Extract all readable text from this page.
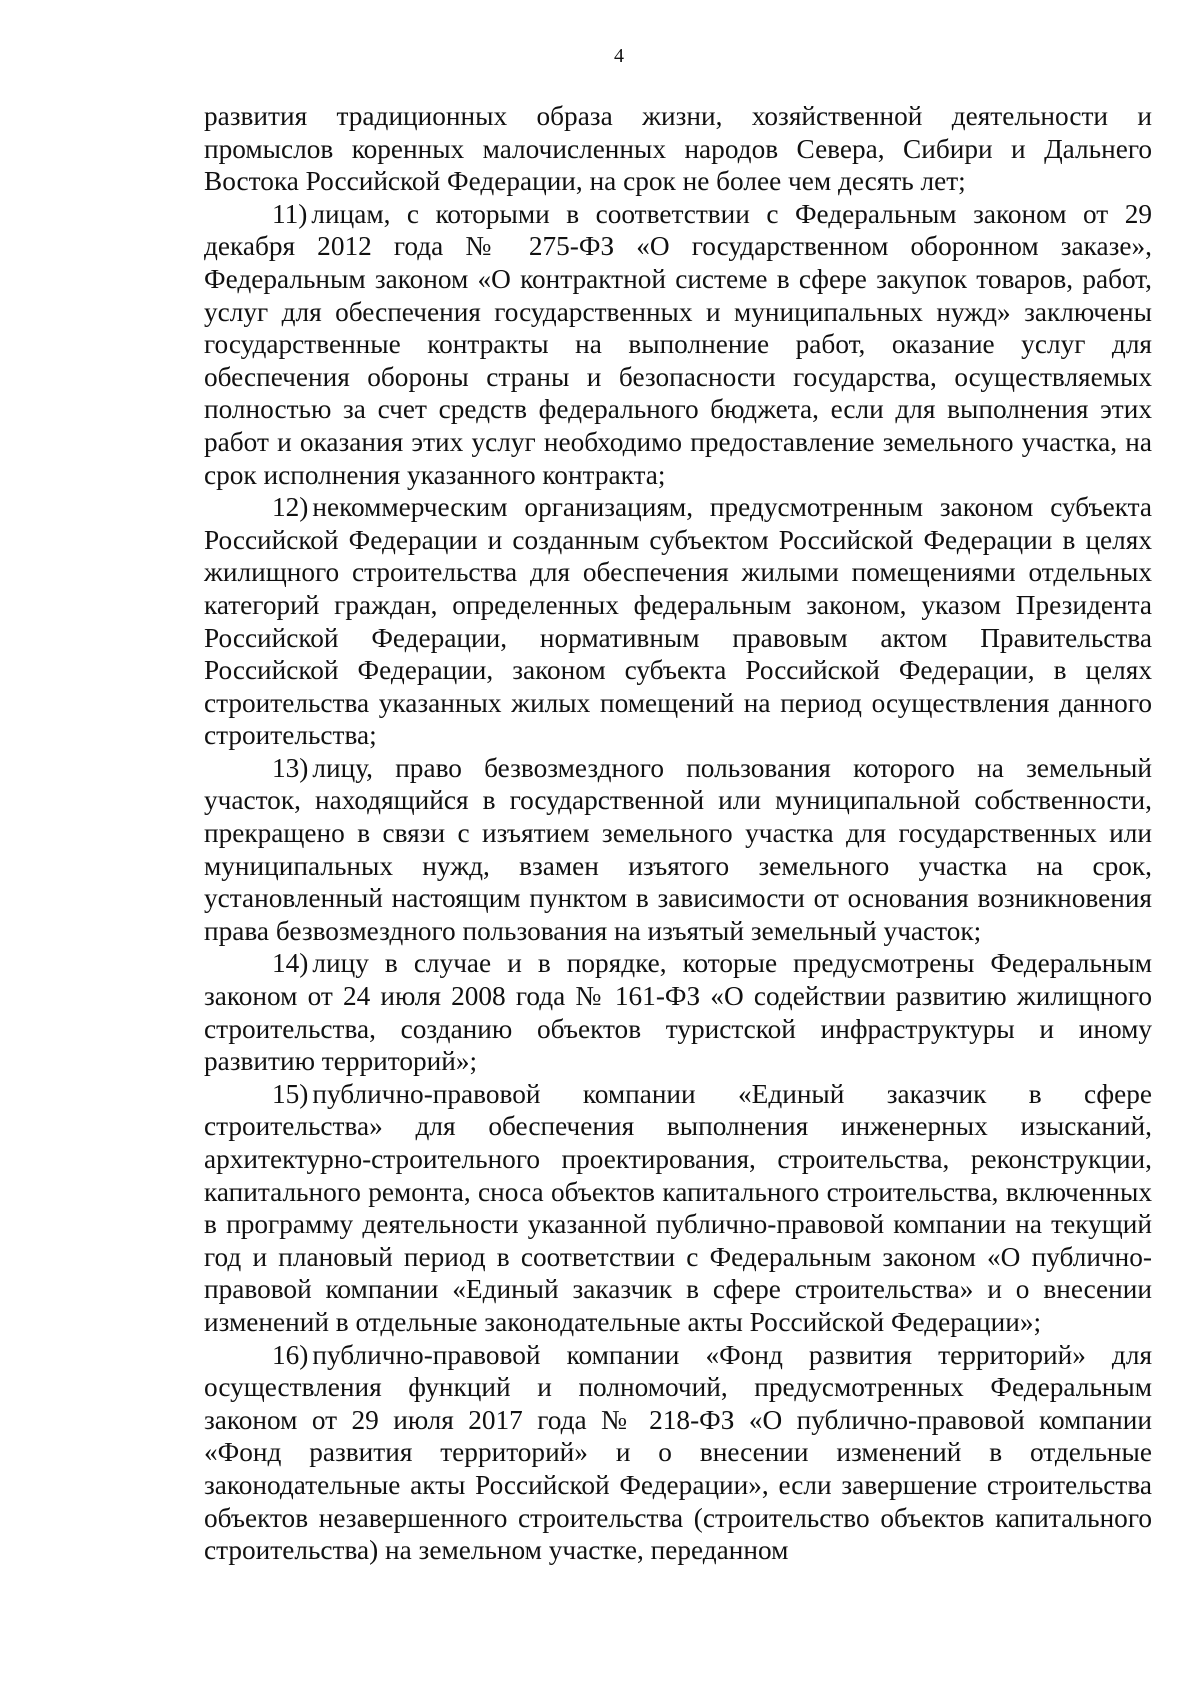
4

развития традиционных образа жизни, хозяйственной деятельности и промыслов коренных малочисленных народов Севера, Сибири и Дальнего Востока Российской Федерации, на срок не более чем десять лет;

11) лицам, с которыми в соответствии с Федеральным законом от 29 декабря 2012 года № 275-ФЗ «О государственном оборонном заказе», Федеральным законом «О контрактной системе в сфере закупок товаров, работ, услуг для обеспечения государственных и муниципальных нужд» заключены государственные контракты на выполнение работ, оказание услуг для обеспечения обороны страны и безопасности государства, осуществляемых полностью за счет средств федерального бюджета, если для выполнения этих работ и оказания этих услуг необходимо предоставление земельного участка, на срок исполнения указанного контракта;

12) некоммерческим организациям, предусмотренным законом субъекта Российской Федерации и созданным субъектом Российской Федерации в целях жилищного строительства для обеспечения жилыми помещениями отдельных категорий граждан, определенных федеральным законом, указом Президента Российской Федерации, нормативным правовым актом Правительства Российской Федерации, законом субъекта Российской Федерации, в целях строительства указанных жилых помещений на период осуществления данного строительства;

13) лицу, право безвозмездного пользования которого на земельный участок, находящийся в государственной или муниципальной собственности, прекращено в связи с изъятием земельного участка для государственных или муниципальных нужд, взамен изъятого земельного участка на срок, установленный настоящим пунктом в зависимости от основания возникновения права безвозмездного пользования на изъятый земельный участок;

14) лицу в случае и в порядке, которые предусмотрены Федеральным законом от 24 июля 2008 года № 161-ФЗ «О содействии развитию жилищного строительства, созданию объектов туристской инфраструктуры и иному развитию территорий»;

15) публично-правовой компании «Единый заказчик в сфере строительства» для обеспечения выполнения инженерных изысканий, архитектурно-строительного проектирования, строительства, реконструкции, капитального ремонта, сноса объектов капитального строительства, включенных в программу деятельности указанной публично-правовой компании на текущий год и плановый период в соответствии с Федеральным законом «О публично-правовой компании «Единый заказчик в сфере строительства» и о внесении изменений в отдельные законодательные акты Российской Федерации»;

16) публично-правовой компании «Фонд развития территорий» для осуществления функций и полномочий, предусмотренных Федеральным законом от 29 июля 2017 года № 218-ФЗ «О публично-правовой компании «Фонд развития территорий» и о внесении изменений в отдельные законодательные акты Российской Федерации», если завершение строительства объектов незавершенного строительства (строительство объектов капитального строительства) на земельном участке, переданном
